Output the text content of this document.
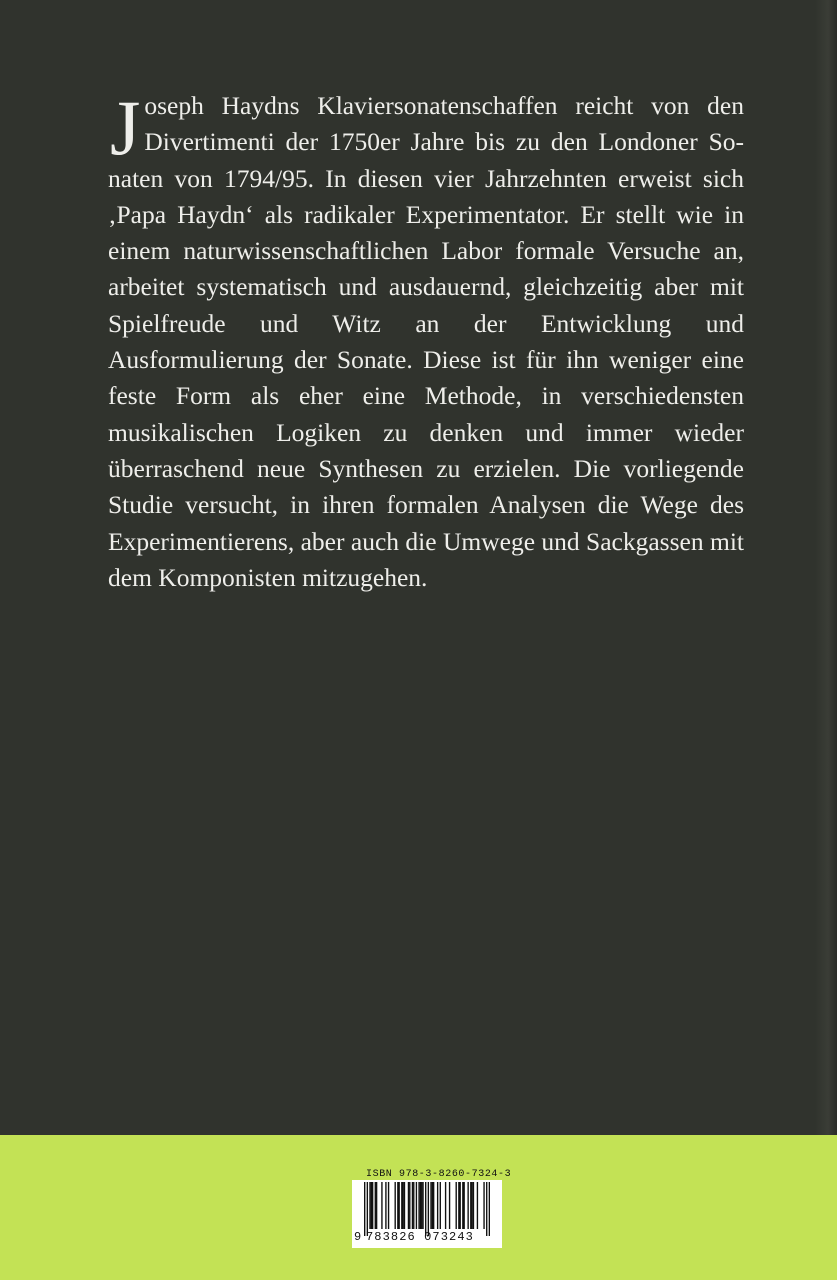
Joseph Haydns Klaviersonatenschaffen reicht von den Divertimenti der 1750er Jahre bis zu den Londoner Sonaten von 1794/95. In diesen vier Jahrzehnten erweist sich ‚Papa Haydn‘ als radikaler Experimentator. Er stellt wie in einem naturwissenschaftlichen Labor formale Versuche an, arbeitet systematisch und ausdauernd, gleichzeitig aber mit Spielfreude und Witz an der Entwicklung und Ausformulierung der Sonate. Diese ist für ihn weniger eine feste Form als eher eine Methode, in verschiedensten musikalischen Logiken zu denken und immer wieder überraschend neue Synthesen zu erzielen. Die vorliegende Studie versucht, in ihren formalen Analysen die Wege des Experimentierens, aber auch die Umwege und Sackgassen mit dem Komponisten mitzugehen.

ISBN 978-3-8260-7324-3

9 783826 073243
